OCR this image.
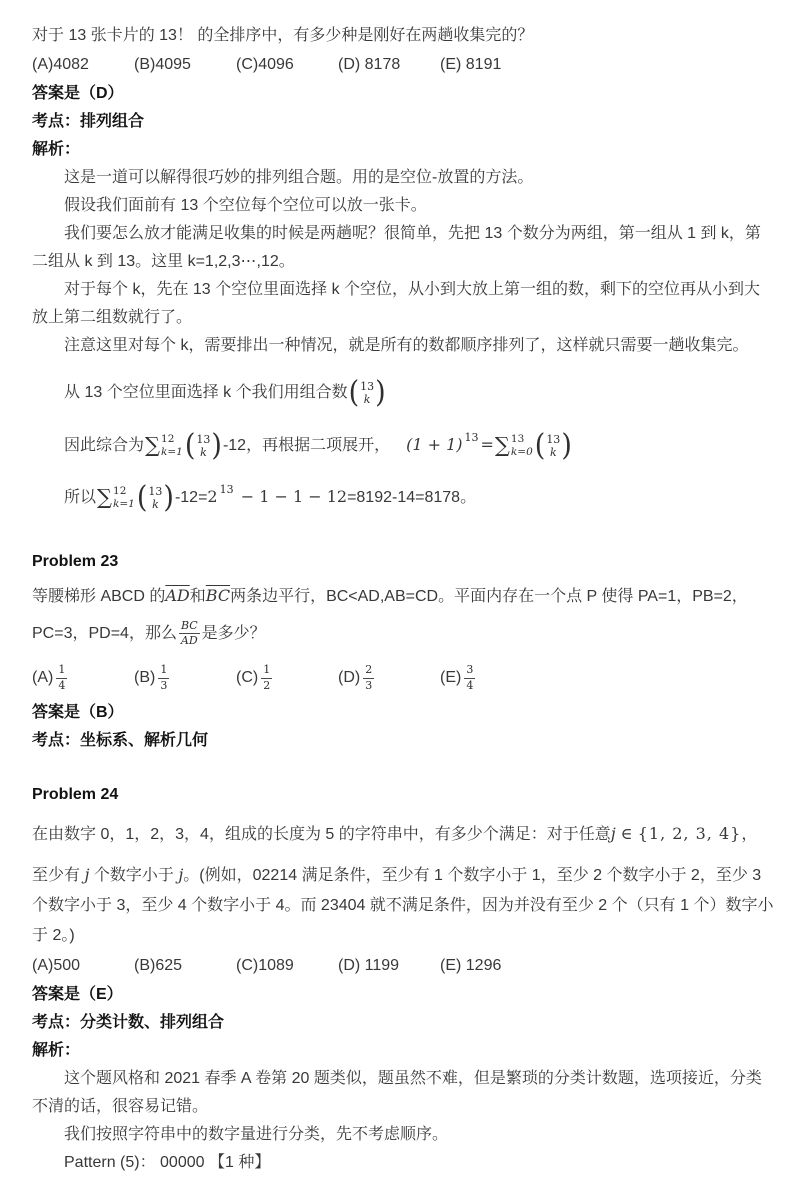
对于 13 张卡片的 13！ 的全排序中，有多少种是刚好在两趟收集完的？
(A)4082	(B)4095	(C)4096	(D) 8178	(E) 8191
答案是（D）
考点：排列组合
解析：

这是一道可以解得很巧妙的排列组合题。用的是空位-放置的方法。

假设我们面前有 13 个空位每个空位可以放一张卡。

我们要怎么放才能满足收集的时候是两趟呢？很简单，先把 13 个数分为两组，第一组从 1 到 k，第二组从 k 到 13。这里 k=1,2,3⋯,12。

对于每个 k，先在 13 个空位里面选择 k 个空位，从小到大放上第一组的数，剩下的空位再从小到大放上第二组数就行了。

注意这里对每个 k，需要排出一种情况，就是所有的数都顺序排列了，这样就只需要一趟收集完。

从 13 个空位里面选择 k 个我们用组合数 ( 13
k )
因此综合为 ∑ 12
k=1 ( 13
k ) -12，再根据二项展开， (1 + 1) $^{13}$ = ∑ 13
k=0 ( 13
k )
所以 ∑ 12
k=1 ( 13
k ) -12=2 $^{13}$ − 1 − 1 − 12=8192-14=8178。
Problem 23
等腰梯形 ABCD 的$\overline{AD}$和$\overline{BC}$两条边平行，BC<AD,AB=CD。平面内存在一个点 P 使得 PA=1，PB=2，
PC=3，PD=4，那么 $\frac{BC}{AD}$ 是多少？
$(A) \frac{1}{4}$	$(B) \frac{1}{3}$	$(C) \frac{1}{2}$	$(D) \frac{2}{3}$	$(E) \frac{3}{4}$
答案是（B）
考点：坐标系、解析几何
Problem 24
在由数字 0，1，2，3，4，组成的长度为 5 的字符串中，有多少个满足：对于任意j ∈ {1, 2, 3, 4}，
至少有 j 个数字小于 j。(例如，02214 满足条件，至少有 1 个数字小于 1，至少 2 个数字小于 2，至少 3 个数字小于 3，至少 4 个数字小于 4。而 23404 就不满足条件，因为并没有至少 2 个（只有 1 个）数字小于 2。)
(A)500	(B)625	(C)1089	(D) 1199	(E) 1296
答案是（E）
考点：分类计数、排列组合
解析：

这个题风格和 2021 春季 A 卷第 20 题类似，题虽然不难，但是繁琐的分类计数题，选项接近，分类不清的话，很容易记错。

我们按照字符串中的数字量进行分类，先不考虑顺序。

Pattern (5)： 00000 【1 种】
